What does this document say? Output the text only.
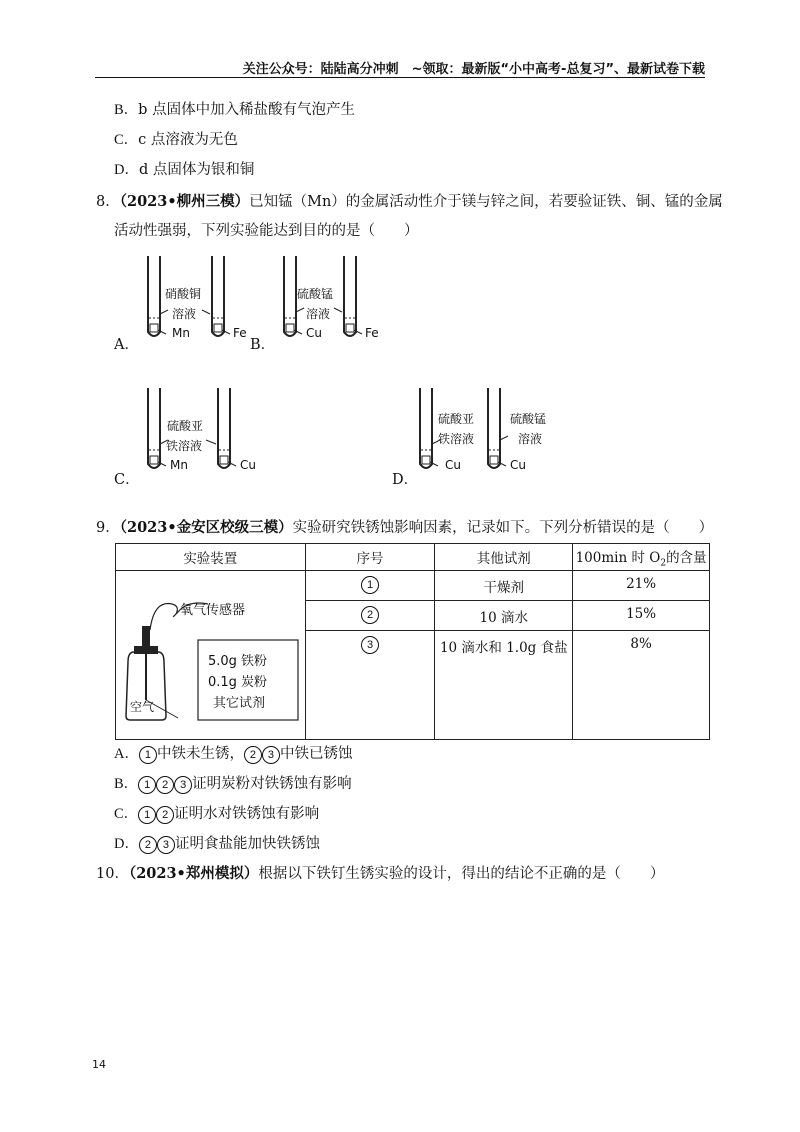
关注公众号：陆陆高分冲刺　~领取：最新版“小中高考-总复习”、最新试卷下载
B．b 点固体中加入稀盐酸有气泡产生
C．c 点溶液为无色
D．d 点固体为银和铜
8．（2023•柳州三模）已知锰（Mn）的金属活动性介于镁与锌之间，若要验证铁、铜、锰的金属
活动性强弱，下列实验能达到目的的是（　　）
硝酸铜
溶液
Mn	Fe
A．	B．
硫酸锰
溶液
Cu	Fe
硫酸亚
铁溶液
Mn	Cu
C．	D．
硫酸亚
铁溶液
硫酸锰
溶液
Cu	Cu
9．（2023•金安区校级三模）实验研究铁锈蚀影响因素，记录如下。下列分析错误的是（　　）
实验装置	序号	其他试剂	100min 时 $O_2$的含量
	1	干燥剂	21%
	2	10 滴水	15%
	3	10 滴水和 1.0g 食盐	8%
氧气传感器
5.0g 铁粉
0.1g 炭粉
其它试剂
空气
A． 1 中铁未生锈， 2 3 中铁已锈蚀
B． 1 2 3 证明炭粉对铁锈蚀有影响
C． 1 2 证明水对铁锈蚀有影响
D． 2 3 证明食盐能加快铁锈蚀
10．（2023•郑州模拟）根据以下铁钉生锈实验的设计，得出的结论不正确的是（　　）
14
